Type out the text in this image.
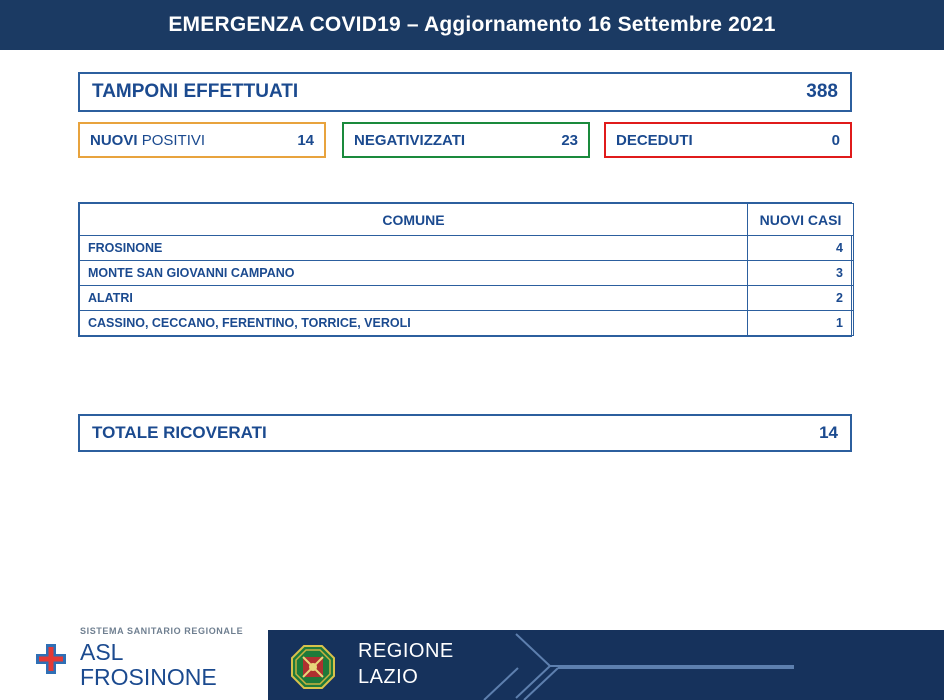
EMERGENZA COVID19 – Aggiornamento 16 Settembre 2021
TAMPONI EFFETTUATI	388
NUOVI POSITIVI	14	NEGATIVIZZATI	23	DECEDUTI	0
COMUNE	NUOVI CASI
FROSINONE	4
MONTE SAN GIOVANNI CAMPANO	3
ALATRI	2
CASSINO, CECCANO, FERENTINO, TORRICE, VEROLI	1
TOTALE RICOVERATI	14
SISTEMA SANITARIO REGIONALE
ASL
FROSINONE
REGIONE
LAZIO
